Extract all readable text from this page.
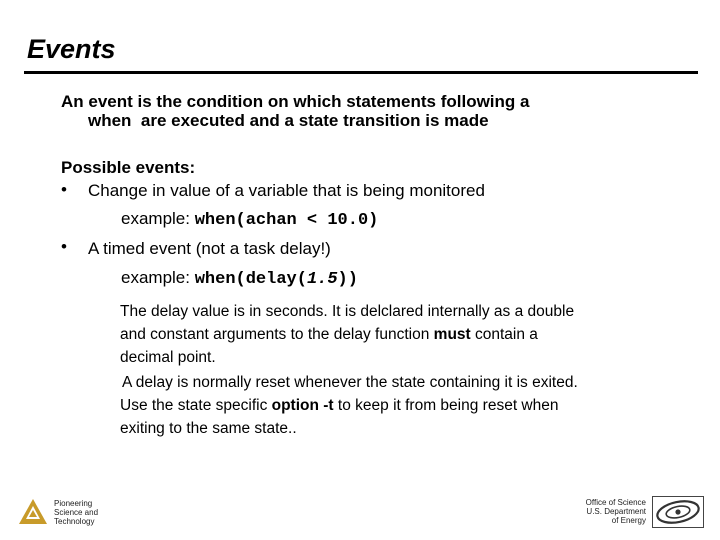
Events
An event is the condition on which statements following a
when  are executed and a state transition is made
Possible events:
• Change in value of a variable that is being monitored
example: when(achan < 10.0)
• A timed event (not a task delay!)
example: when(delay(1.5))
The delay value is in seconds. It is delclared internally as a double
and constant arguments to the delay function must contain a
decimal point.
A delay is normally reset whenever the state containing it is exited.
Use the state specific option -t to keep it from being reset when
exiting to the same state..
Pioneering
Science and
Technology
Office of Science
U.S. Department
of Energy
